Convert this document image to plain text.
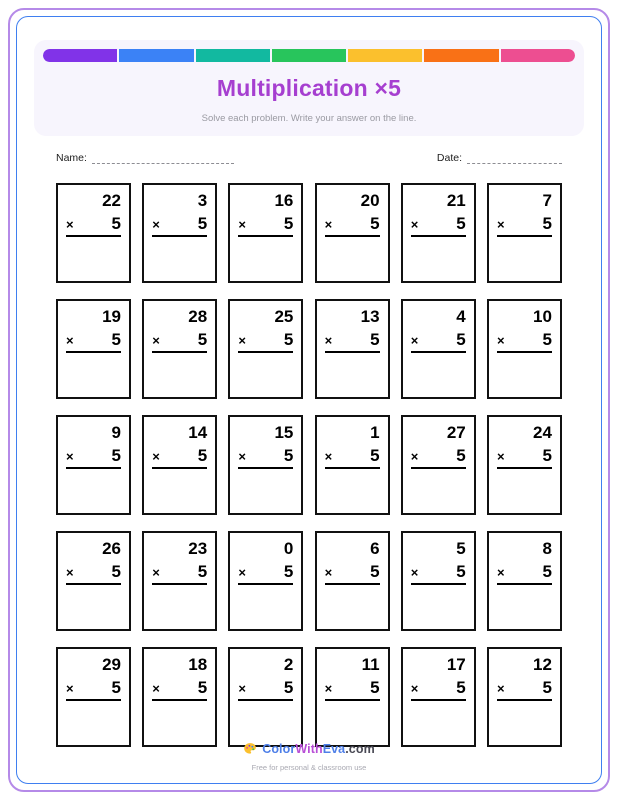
Multiplication ×5

Solve each problem. Write your answer on the line.

Name:	Date:
22
× 5
3
× 5
16
× 5
20
× 5
21
× 5
7
× 5
19
× 5
28
× 5
25
× 5
13
× 5
4
× 5
10
× 5
9
× 5
14
× 5
15
× 5
1
× 5
27
× 5
24
× 5
26
× 5
23
× 5
0
× 5
6
× 5
5
× 5
8
× 5
29
× 5
18
× 5
2
× 5
11
× 5
17
× 5
12
× 5
ColorWithEva.com
Free for personal & classroom use
